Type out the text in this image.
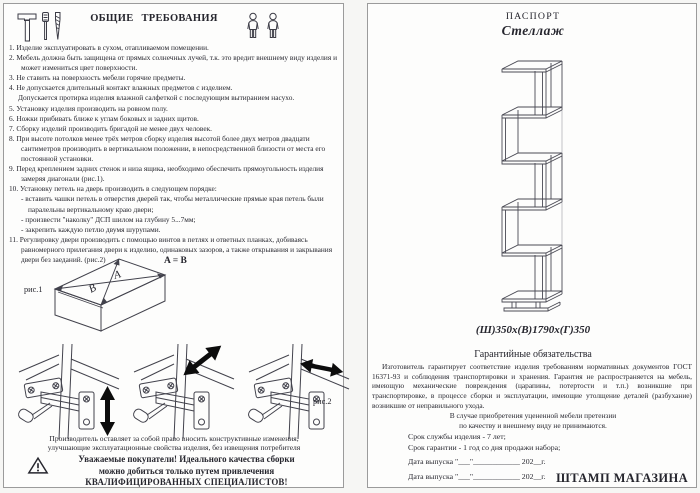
ОБЩИЕ ТРЕБОВАНИЯ
1. Изделие эксплуатировать в сухом, отапливаемом помещении.
2. Мебель должна быть защищена от прямых солнечных лучей, т.к. это вредит внешнему виду изделия и может измениться цвет поверхности.
3. Не ставить на поверхность мебели горячие предметы.
4. Не допускается длительный контакт влажных предметов с изделием.
Допускается протирка изделия влажной салфеткой с последующим вытиранием насухо.
5. Установку изделия производить на ровном полу.
6. Ножки прибивать ближе к углам боковых и задних щитов.
7. Сборку изделий производить бригадой не менее двух человек.
8. При высоте потолков менее трёх метров сборку изделия высотой более двух метров двадцати сантиметров производить в вертикальном положении, в непосредственной близости от места его постоянной установки.
9. Перед креплением задних стенок и низа ящика, необходимо обеспечить прямоугольность изделия замеряя диагонали (рис.1).
10. Установку петель на дверь производить в следующем порядке:
- вставить чашки петель в отверстия дверей так, чтобы металлические прямые края петель были паралельны вертикальному краю двери;
- произвести "наколку" ДСП шилом на глубину 5...7мм;
- закрепить каждую петлю двумя шурупами.
11. Регулировку двери производить с помощью винтов в петлях и ответных планках, добиваясь равномерного прилегания двери к изделию, одинаковых зазоров, а также открывания и закрывания двери без заеданий. (рис.2)
A
B
рис.1
A = B
рис.2
Производитель оставляет за собой право вносить конструктивные изменения,
улучшающие эксплуатационные свойства изделия, без извещения потребителя
Уважаемые покупатели! Идеального качества сборки
можно добиться только путем привлечения
КВАЛИФИЦИРОВАННЫХ СПЕЦИАЛИСТОВ!
ПАСПОРТ
Стеллаж
(Ш)350х(В)1790х(Г)350
Гарантийные обязательства

Изготовитель гарантирует соответствие изделия требованиям нормативных документов ГОСТ 16371-93 и соблюдения транспортировки и хранения. Гарантия не распространяется на мебель, имеющую механические повреждения (царапины, потертости и т.п.) возникшие при транспортировке, в процессе сборки и эксплуатации, имеющие утолщение деталей (разбухание) возникшие от неправильного ухода.

В случае приобретения уцененной мебели претензии
по качеству и внешнему виду не принимаются.
Срок службы изделия - 7 лет;
Срок гарантии - 1 год со дня продажи набора;
Дата выпуска "___"____________ 202__г.
Дата выпуска "___"____________ 202__г. ШТАМП МАГАЗИНА
